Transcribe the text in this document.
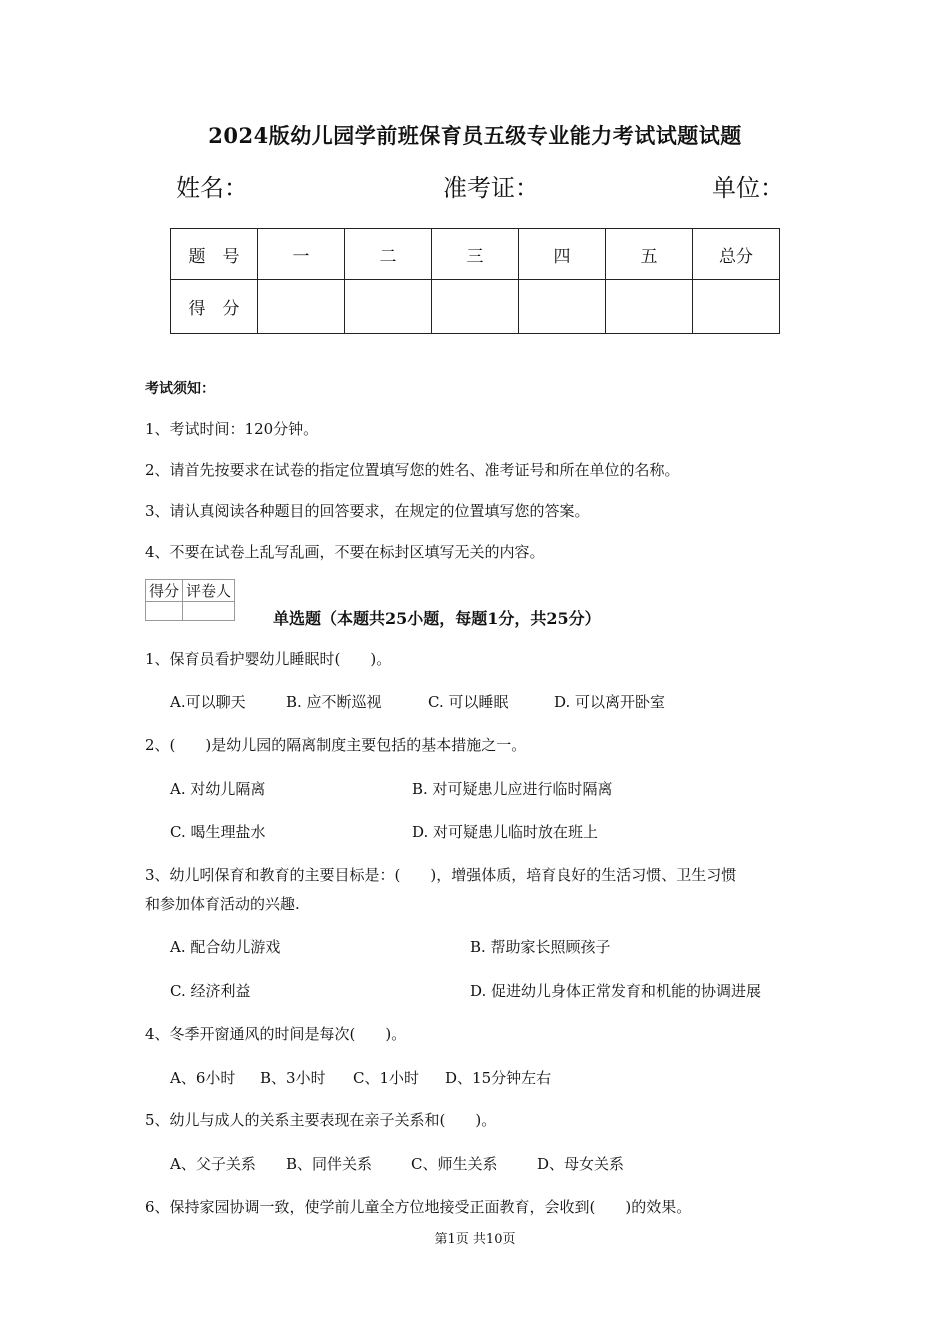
2024版幼儿园学前班保育员五级专业能力考试试题试题
姓名：	准考证：	单位：
题　号	一	二	三	四	五	总分
得　分						
考试须知：
1、考试时间：120分钟。
2、请首先按要求在试卷的指定位置填写您的姓名、准考证号和所在单位的名称。
3、请认真阅读各种题目的回答要求，在规定的位置填写您的答案。
4、不要在试卷上乱写乱画，不要在标封区填写无关的内容。
得分	评卷人

单选题（本题共25小题，每题1分，共25分）
1、保育员看护婴幼儿睡眠时(　　)。
A.可以聊天	B. 应不断巡视	C. 可以睡眠	D. 可以离开卧室
2、(　　)是幼儿园的隔离制度主要包括的基本措施之一。
A. 对幼儿隔离	B. 对可疑患儿应进行临时隔离
C. 喝生理盐水	D. 对可疑患儿临时放在班上
3、幼儿吲保育和教育的主要目标是：(　　)，增强体质，培育良好的生活习惯、卫生习惯
和参加体育活动的兴趣.
A. 配合幼儿游戏	B. 帮助家长照顾孩子
C. 经济利益	D. 促进幼儿身体正常发育和机能的协调进展
4、冬季开窗通风的时间是每次(　　)。
A、6小时 B、3小时 C、1小时 D、15分钟左右
5、幼儿与成人的关系主要表现在亲子关系和(　　)。
A、父子关系 B、同伴关系	C、师生关系	D、母女关系
6、保持家园协调一致，使学前儿童全方位地接受正面教育，会收到(　　)的效果。
第1页 共10页
